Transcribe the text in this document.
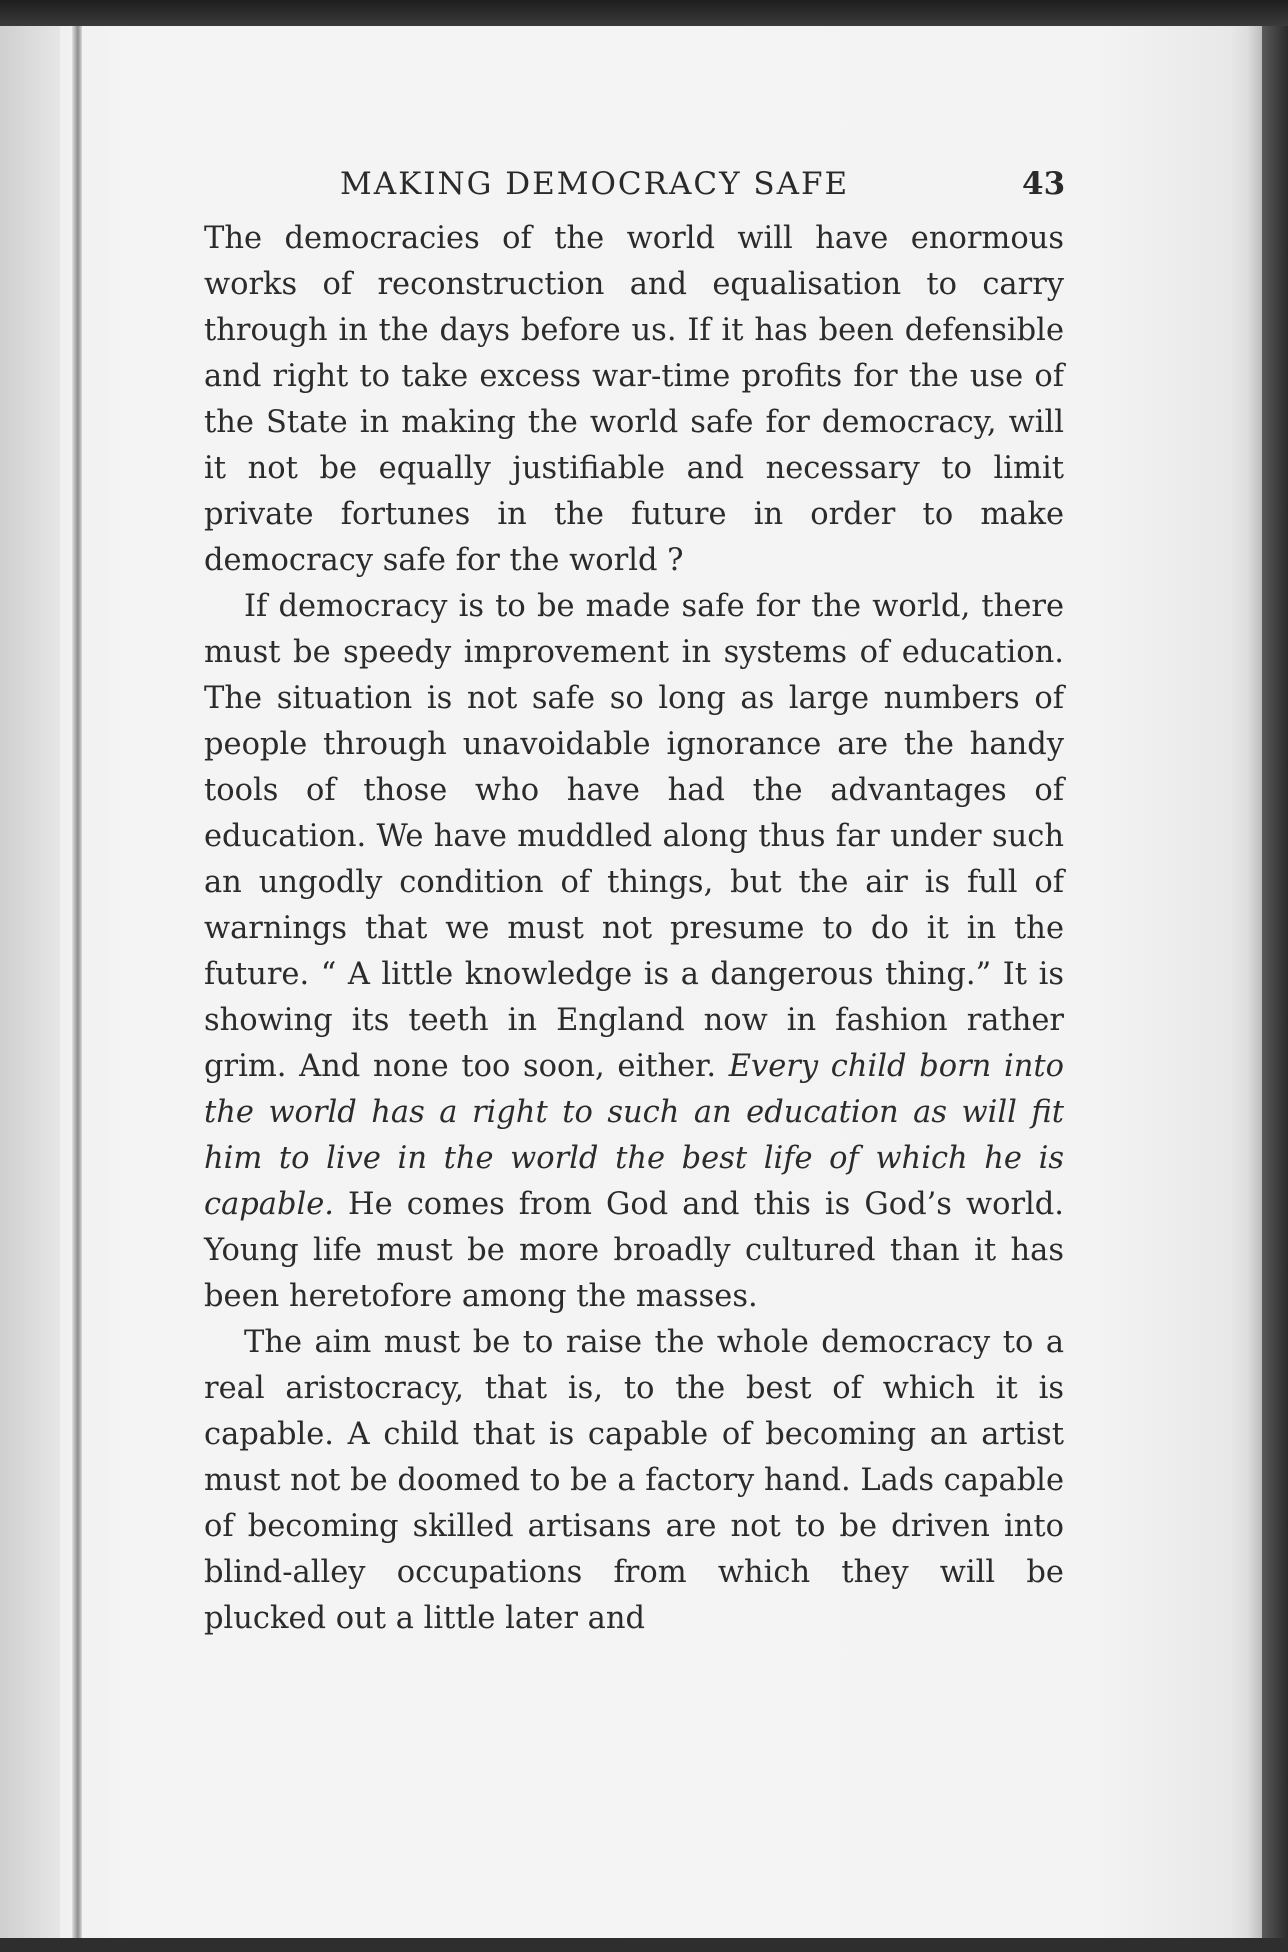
MAKING DEMOCRACY SAFE	43

The democracies of the world will have enormous works of reconstruction and equalisation to carry through in the days before us. If it has been defensible and right to take excess war-time profits for the use of the State in making the world safe for democracy, will it not be equally justifiable and necessary to limit private fortunes in the future in order to make democracy safe for the world ?

If democracy is to be made safe for the world, there must be speedy improvement in systems of education. The situation is not safe so long as large numbers of people through unavoidable ignorance are the handy tools of those who have had the advantages of education. We have muddled along thus far under such an ungodly condition of things, but the air is full of warnings that we must not presume to do it in the future. “ A little knowledge is a dangerous thing.” It is showing its teeth in England now in fashion rather grim. And none too soon, either. Every child born into the world has a right to such an education as will fit him to live in the world the best life of which he is capable. He comes from God and this is God’s world. Young life must be more broadly cultured than it has been heretofore among the masses.

The aim must be to raise the whole democracy to a real aristocracy, that is, to the best of which it is capable. A child that is capable of becoming an artist must not be doomed to be a factory hand. Lads capable of becoming skilled artisans are not to be driven into blind-alley occupations from which they will be plucked out a little later and
